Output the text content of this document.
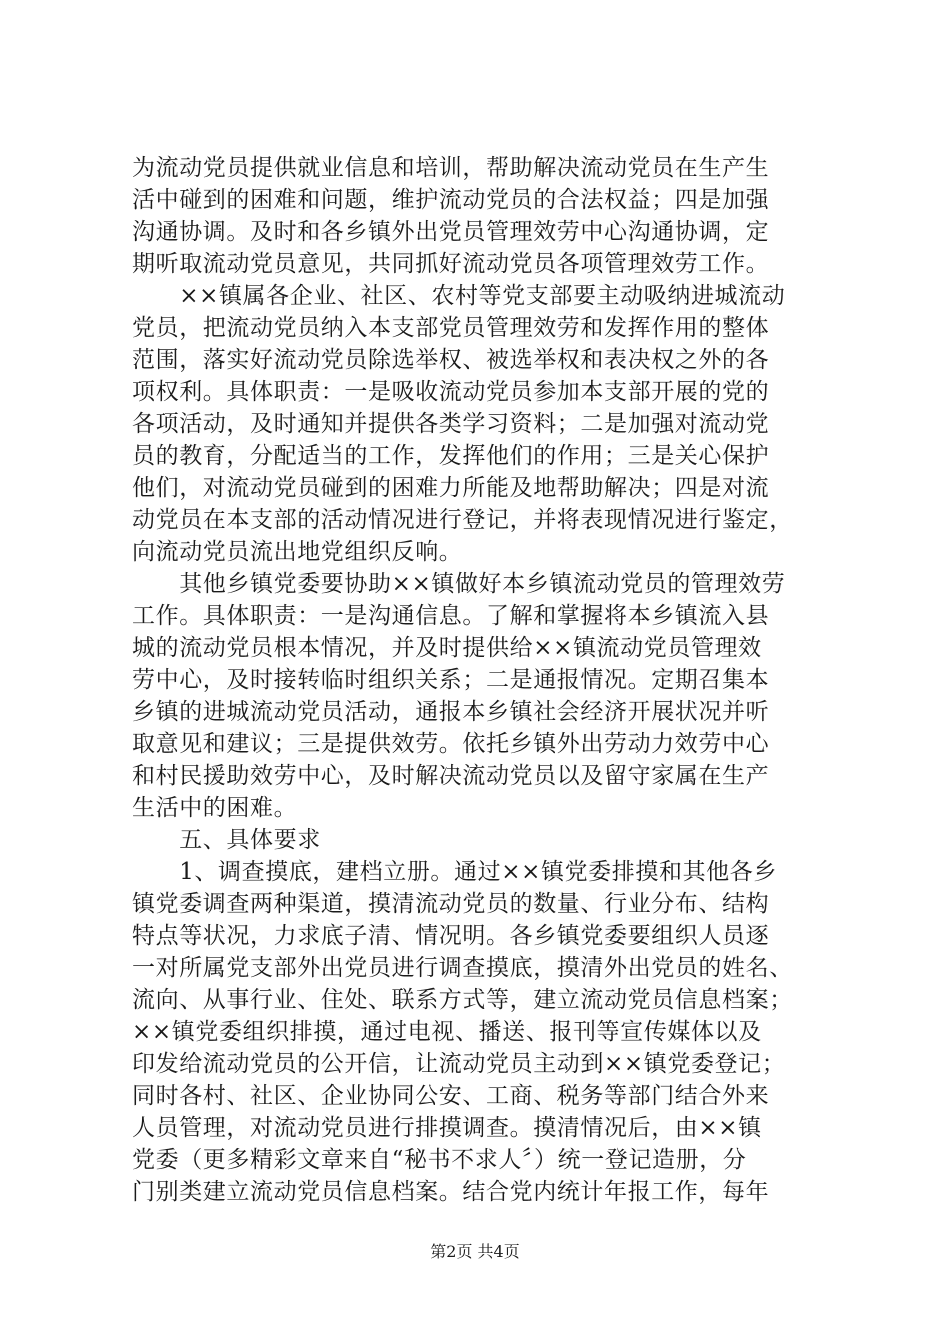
为流动党员提供就业信息和培训，帮助解决流动党员在生产生
活中碰到的困难和问题，维护流动党员的合法权益；四是加强
沟通协调。及时和各乡镇外出党员管理效劳中心沟通协调，定
期听取流动党员意见，共同抓好流动党员各项管理效劳工作。
　　××镇属各企业、社区、农村等党支部要主动吸纳进城流动
党员，把流动党员纳入本支部党员管理效劳和发挥作用的整体
范围，落实好流动党员除选举权、被选举权和表决权之外的各
项权利。具体职责：一是吸收流动党员参加本支部开展的党的
各项活动，及时通知并提供各类学习资料；二是加强对流动党
员的教育，分配适当的工作，发挥他们的作用；三是关心保护
他们，对流动党员碰到的困难力所能及地帮助解决；四是对流
动党员在本支部的活动情况进行登记，并将表现情况进行鉴定，
向流动党员流出地党组织反响。
　　其他乡镇党委要协助××镇做好本乡镇流动党员的管理效劳
工作。具体职责：一是沟通信息。了解和掌握将本乡镇流入县
城的流动党员根本情况，并及时提供给××镇流动党员管理效
劳中心，及时接转临时组织关系；二是通报情况。定期召集本
乡镇的进城流动党员活动，通报本乡镇社会经济开展状况并听
取意见和建议；三是提供效劳。依托乡镇外出劳动力效劳中心
和村民援助效劳中心，及时解决流动党员以及留守家属在生产
生活中的困难。
　　五、具体要求
　　1、调查摸底，建档立册。通过××镇党委排摸和其他各乡
镇党委调查两种渠道，摸清流动党员的数量、行业分布、结构
特点等状况，力求底子清、情况明。各乡镇党委要组织人员逐
一对所属党支部外出党员进行调查摸底，摸清外出党员的姓名、
流向、从事行业、住处、联系方式等，建立流动党员信息档案；
××镇党委组织排摸，通过电视、播送、报刊等宣传媒体以及
印发给流动党员的公开信，让流动党员主动到××镇党委登记；
同时各村、社区、企业协同公安、工商、税务等部门结合外来
人员管理，对流动党员进行排摸调查。摸清情况后，由××镇
党委（更多精彩文章来自“秘书不求人〞）统一登记造册，分
门别类建立流动党员信息档案。结合党内统计年报工作，每年
第2页 共4页
